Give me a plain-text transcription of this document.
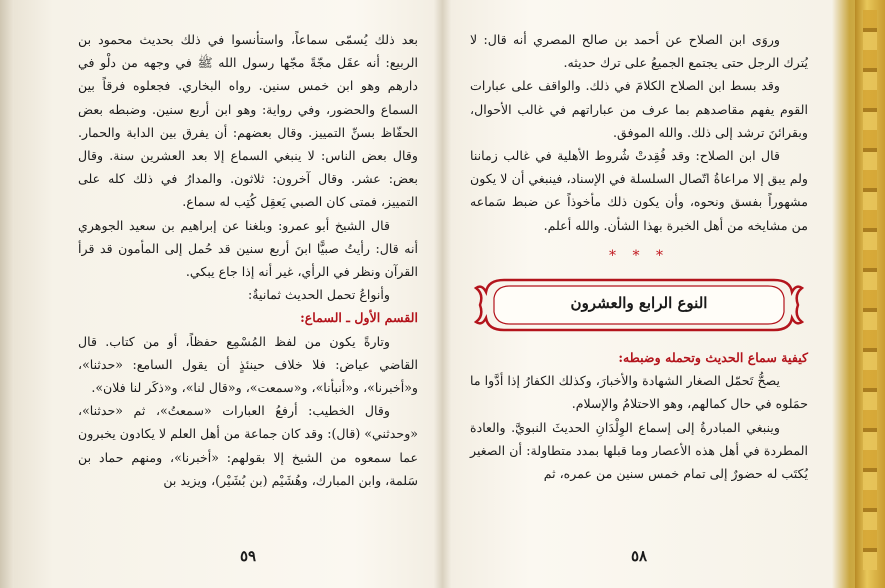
بعد ذلك يُسمّى سماعاً، واستأنسوا في ذلك بحديث محمود بن الربيع: أنه عقَل مجّةً مجّها رسول الله ﷺ في وجهه من دلْو في دارهم وهو ابن خمس سنين. رواه البخاري. فجعلوه فرقاً بين السماع والحضور، وفي رواية: وهو ابن أربع سنين. وضبطه بعض الحفّاظ بسنِّ التمييز. وقال بعضهم: أن يفرق بين الدابة والحمار. وقال بعض الناس: لا ينبغي السماع إلا بعد العشرين سنة. وقال بعض: عشر. وقال آخرون: ثلاثون. والمدارُ في ذلك كله على التمييز، فمتى كان الصبي يَعقِل كُتِب له سماع.

قال الشيخ أبو عمرو: وبلغنا عن إبراهيم بن سعيد الجوهري أنه قال: رأيتُ صبيًّا ابنَ أربع سنين قد حُمل إلى المأمون قد قرأ القرآن ونظر في الرأي، غير أنه إذا جاع يبكي.

وأنواعُ تحمل الحديث ثمانيةٌ:

القسم الأول ـ السماع:

وتارةً يكون من لفظ المُسْمِع حفظاً، أو من كتاب. قال القاضي عياض: فلا خلاف حينئذٍ أن يقول السامع: «حدثنا»، و«أخبرنا»، و«أنبأنا»، و«سمعت»، و«قال لنا»، و«ذكَر لنا فلان».

وقال الخطيب: أرفعُ العبارات «سمعتُ»، ثم «حدثنا»، «وحدثني» (قال): وقد كان جماعة من أهل العلم لا يكادون يخبرون عما سمعوه من الشيخ إلا بقولهم: «أخبرنا»، ومنهم حماد بن سَلمة، وابن المبارك، وهُشَيْم (بن بُشَيْر)، ويزيد بن

٥٩

وروَى ابن الصلاح عن أحمد بن صالح المصري أنه قال: لا يُترك الرجل حتى يجتمع الجميعُ على ترك حديثه.

وقد بسط ابن الصلاح الكلامَ في ذلك. والواقف على عبارات القوم يفهم مقاصدهم بما عرف من عباراتهم في غالب الأحوال، وبقرائنَ ترشد إلى ذلك. والله الموفق.

قال ابن الصلاح: وقد فُقِدتْ شُروط الأهلية في غالب زماننا ولم يبق إلا مراعاةُ اتّصال السلسلة في الإسناد، فينبغي أن لا يكون مشهوراً بفسق ونحوه، وأن يكون ذلك مأخوذاً عن ضبط سَماعه من مشايخه من أهل الخبرة بهذا الشأن. والله أعلم.

* * *
النوع الرابع والعشرون

كيفية سماع الحديث وتحمله وضبطه:

يصحُّ تَحمّل الصغار الشهادة والأخبارَ، وكذلك الكفارُ إذا أدَّوا ما حمَلوه في حال كمالهم، وهو الاحتلامُ والإسلام.

وينبغي المبادرةُ إلى إسماع الوِلْدَانِ الحديثَ النبويَّ. والعادة المطردة في أهل هذه الأعصار وما قبلها بمدد متطاولة: أن الصغير يُكتَب له حضورٌ إلى تمام خمس سنين من عمره، ثم

٥٨
